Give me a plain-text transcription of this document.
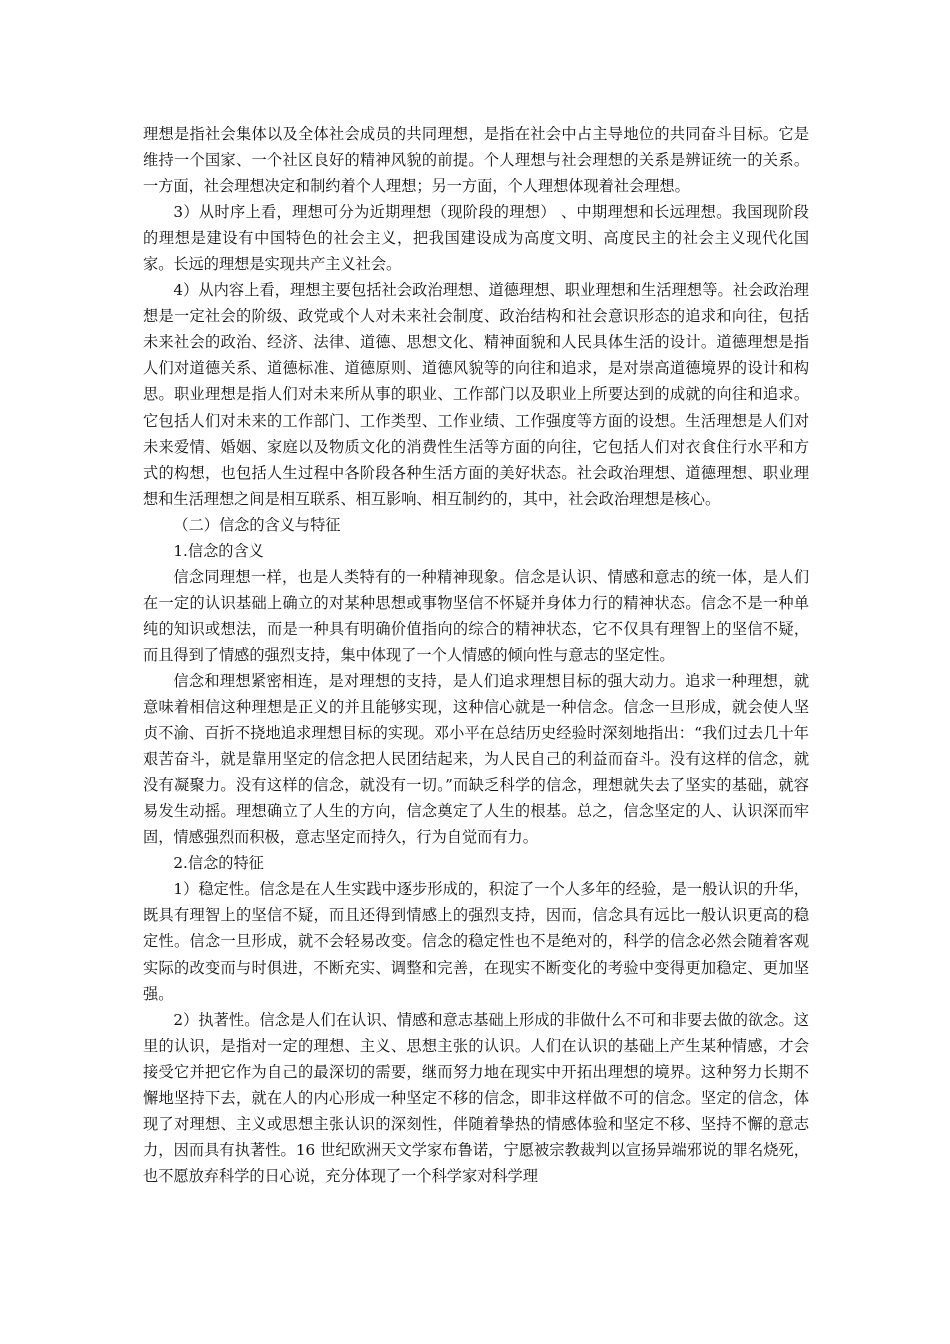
理想是指社会集体以及全体社会成员的共同理想，是指在社会中占主导地位的共同奋斗目标。它是维持一个国家、一个社区良好的精神风貌的前提。个人理想与社会理想的关系是辨证统一的关系。一方面，社会理想决定和制约着个人理想；另一方面，个人理想体现着社会理想。

3）从时序上看，理想可分为近期理想（现阶段的理想） 、中期理想和长远理想。我国现阶段的理想是建设有中国特色的社会主义，把我国建设成为高度文明、高度民主的社会主义现代化国家。长远的理想是实现共产主义社会。

4）从内容上看，理想主要包括社会政治理想、道德理想、职业理想和生活理想等。社会政治理想是一定社会的阶级、政党或个人对未来社会制度、政治结构和社会意识形态的追求和向往，包括未来社会的政治、经济、法律、道德、思想文化、精神面貌和人民具体生活的设计。道德理想是指人们对道德关系、道德标准、道德原则、道德风貌等的向往和追求，是对崇高道德境界的设计和构思。职业理想是指人们对未来所从事的职业、工作部门以及职业上所要达到的成就的向往和追求。它包括人们对未来的工作部门、工作类型、工作业绩、工作强度等方面的设想。生活理想是人们对未来爱情、婚姻、家庭以及物质文化的消费性生活等方面的向往，它包括人们对衣食住行水平和方式的构想，也包括人生过程中各阶段各种生活方面的美好状态。社会政治理想、道德理想、职业理想和生活理想之间是相互联系、相互影响、相互制约的，其中，社会政治理想是核心。

（二）信念的含义与特征

1.信念的含义

信念同理想一样，也是人类特有的一种精神现象。信念是认识、情感和意志的统一体，是人们在一定的认识基础上确立的对某种思想或事物坚信不怀疑并身体力行的精神状态。信念不是一种单纯的知识或想法，而是一种具有明确价值指向的综合的精神状态，它不仅具有理智上的坚信不疑，而且得到了情感的强烈支持，集中体现了一个人情感的倾向性与意志的坚定性。

信念和理想紧密相连，是对理想的支持，是人们追求理想目标的强大动力。追求一种理想，就意味着相信这种理想是正义的并且能够实现，这种信心就是一种信念。信念一旦形成，就会使人坚贞不渝、百折不挠地追求理想目标的实现。邓小平在总结历史经验时深刻地指出：“我们过去几十年艰苦奋斗，就是靠用坚定的信念把人民团结起来，为人民自己的利益而奋斗。没有这样的信念，就没有凝聚力。没有这样的信念，就没有一切。”而缺乏科学的信念，理想就失去了坚实的基础，就容易发生动摇。理想确立了人生的方向，信念奠定了人生的根基。总之，信念坚定的人、认识深而牢固，情感强烈而积极，意志坚定而持久，行为自觉而有力。

2.信念的特征

1）稳定性。信念是在人生实践中逐步形成的，积淀了一个人多年的经验，是一般认识的升华，既具有理智上的坚信不疑，而且还得到情感上的强烈支持，因而，信念具有远比一般认识更高的稳定性。信念一旦形成，就不会轻易改变。信念的稳定性也不是绝对的，科学的信念必然会随着客观实际的改变而与时俱进，不断充实、调整和完善，在现实不断变化的考验中变得更加稳定、更加坚强。

2）执著性。信念是人们在认识、情感和意志基础上形成的非做什么不可和非要去做的欲念。这里的认识，是指对一定的理想、主义、思想主张的认识。人们在认识的基础上产生某种情感，才会接受它并把它作为自己的最深切的需要，继而努力地在现实中开拓出理想的境界。这种努力长期不懈地坚持下去，就在人的内心形成一种坚定不移的信念，即非这样做不可的信念。坚定的信念，体现了对理想、主义或思想主张认识的深刻性，伴随着挚热的情感体验和坚定不移、坚持不懈的意志力，因而具有执著性。16 世纪欧洲天文学家布鲁诺，宁愿被宗教裁判以宣扬异端邪说的罪名烧死，也不愿放弃科学的日心说，充分体现了一个科学家对科学理
